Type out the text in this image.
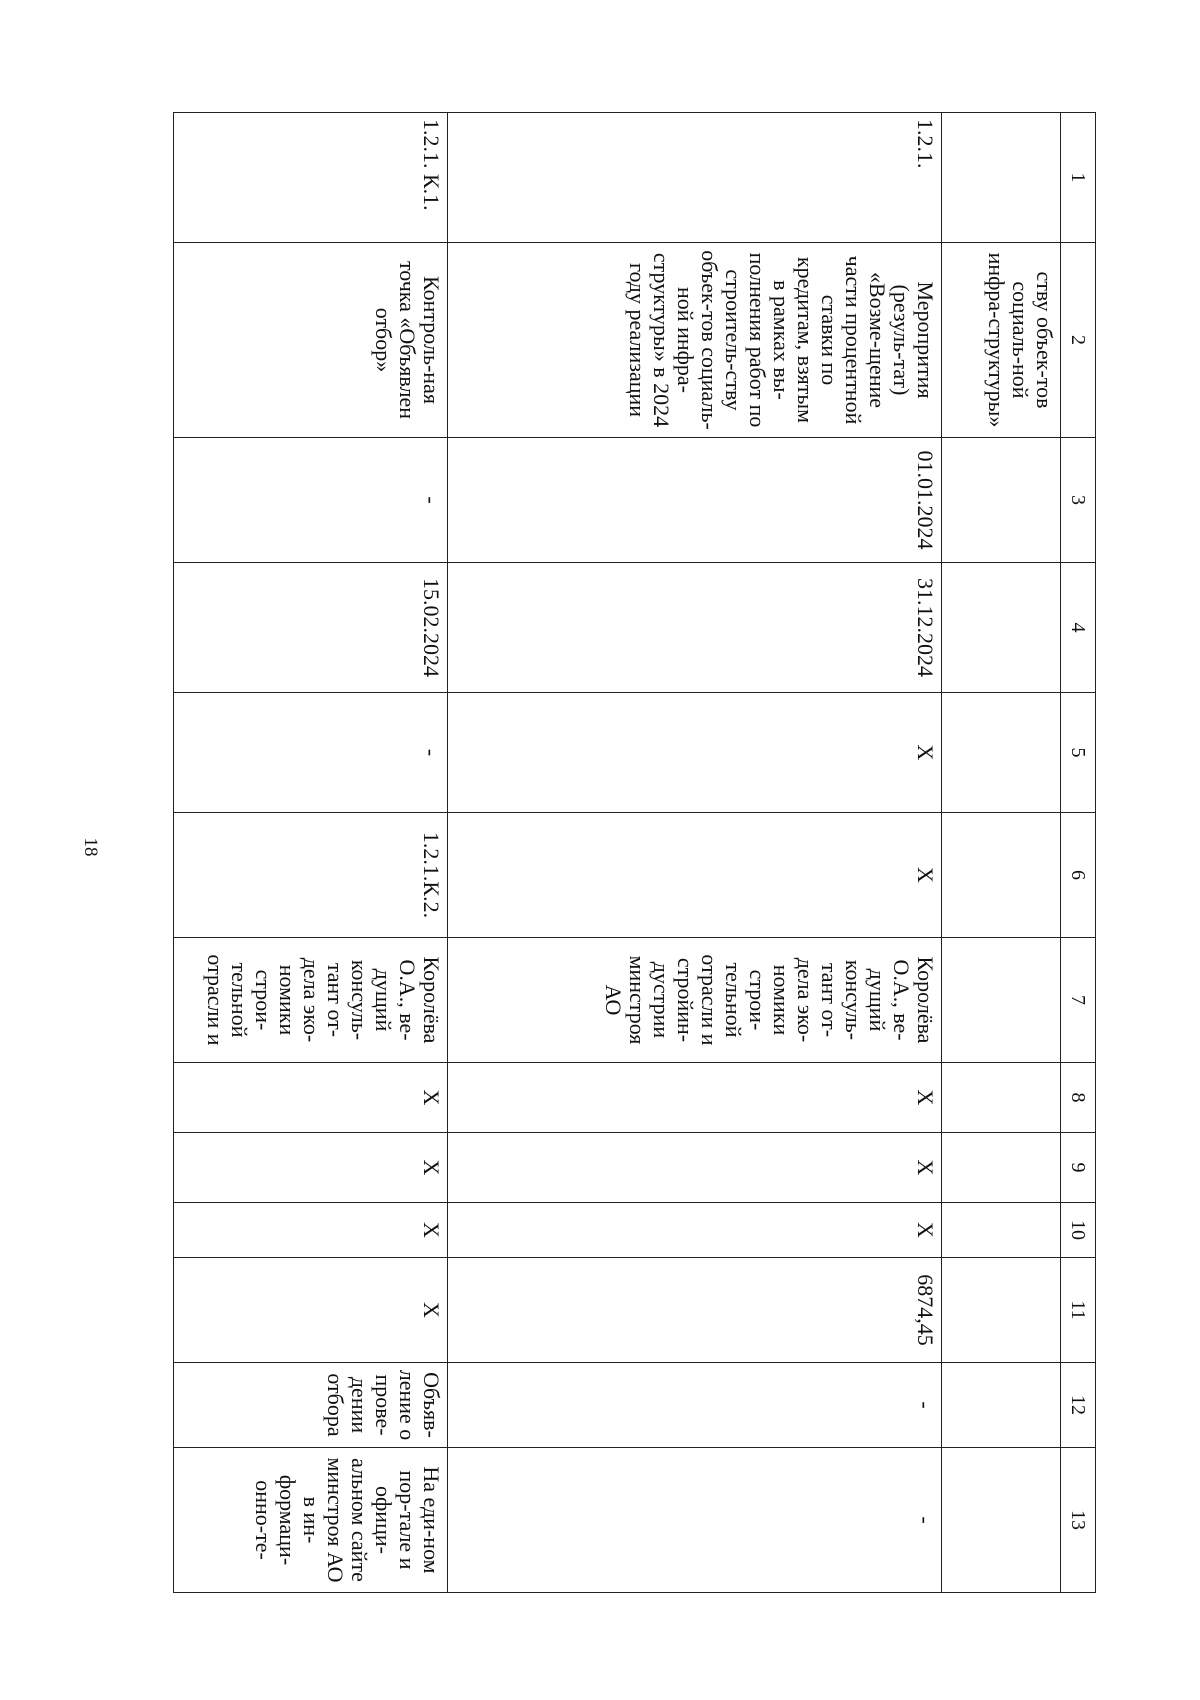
18
1	2	3	4	5	6	7	8	9	10	11	12	13
	ству объек-тов социаль-ной инфра-структуры»											
1.2.1.	Меропрития (резуль-тат) «Возме-щение части процентной ставки по кредитам, взятым в рамках вы-полнения работ по строитель-ству объек-тов социаль-ной инфра-структуры» в 2024 году реализации	01.01.2024	31.12.2024	X	X	Королёва О.А., ве-дущий консуль-тант от-дела эко-номики строи-тельной отрасли и стройин-дустрии минстроя АО	X	X	X	6874,45	-	-
1.2.1. К.1.	Контроль-ная точка «Объявлен отбор»	-	15.02.2024	-	1.2.1.К.2.	Королёва О.А., ве-дущий консуль-тант от-дела эко-номики строи-тельной отрасли и	X	X	X	X	Объяв-ление о прове-дении отбора	На еди-ном пор-тале и офици-альном сайте минстроя АО в ин-формаци-онно-те-
